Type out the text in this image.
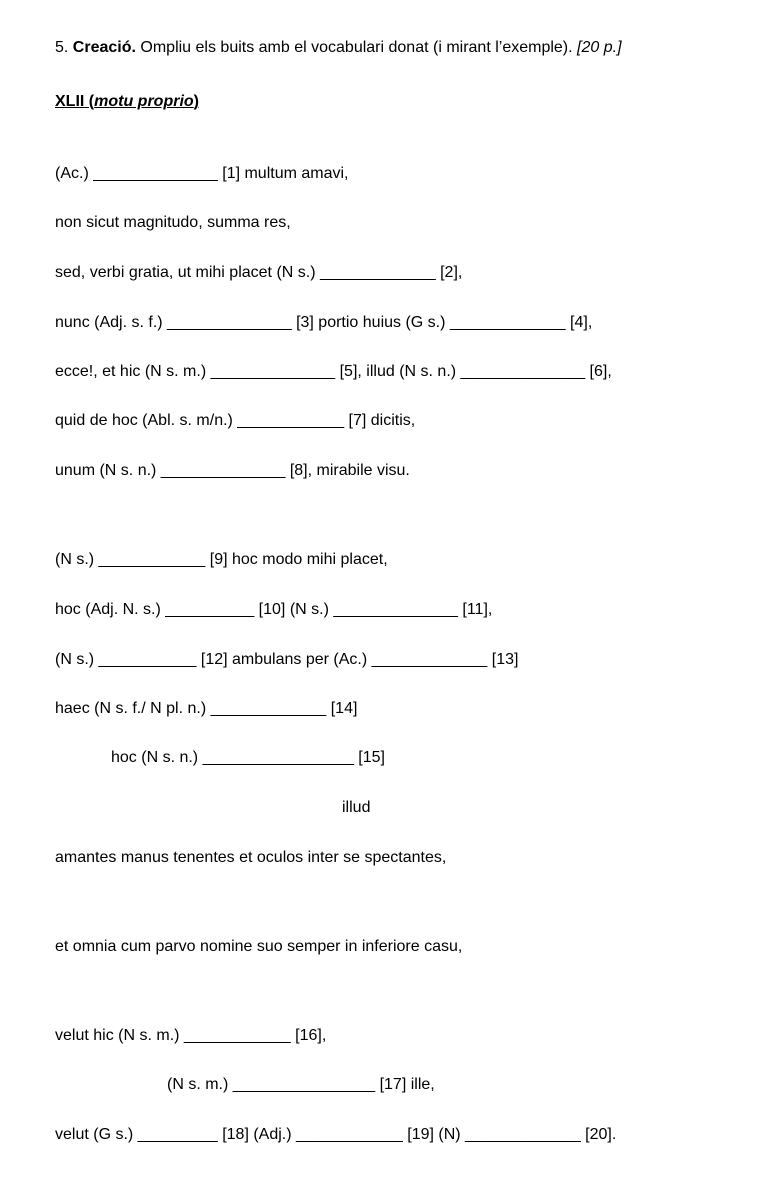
5. Creació. Ompliu els buits amb el vocabulari donat (i mirant l’exemple). [20 p.]
XLII (motu proprio)
(Ac.) ______________ [1] multum amavi,
non sicut magnitudo, summa res,
sed, verbi gratia, ut mihi placet (N s.) _____________ [2],
nunc (Adj. s. f.) ______________ [3] portio huius (G s.) _____________ [4],
ecce!, et hic (N s. m.) ______________ [5], illud (N s. n.) ______________ [6],
quid de hoc (Abl. s. m/n.) ____________ [7] dicitis,
unum (N s. n.) ______________ [8], mirabile visu.
(N s.) ____________ [9] hoc modo mihi placet,
hoc (Adj. N. s.) __________ [10] (N s.) ______________ [11],
(N s.) ___________ [12] ambulans per (Ac.) _____________ [13]
haec (N s. f./ N pl. n.) _____________ [14]
hoc (N s. n.) _________________ [15]
illud
amantes manus tenentes et oculos inter se spectantes,
et omnia cum parvo nomine suo semper in inferiore casu,
velut hic (N s. m.) ____________ [16],
(N s. m.) ________________ [17] ille,
velut (G s.) _________ [18] (Adj.) ____________ [19] (N) _____________ [20].
